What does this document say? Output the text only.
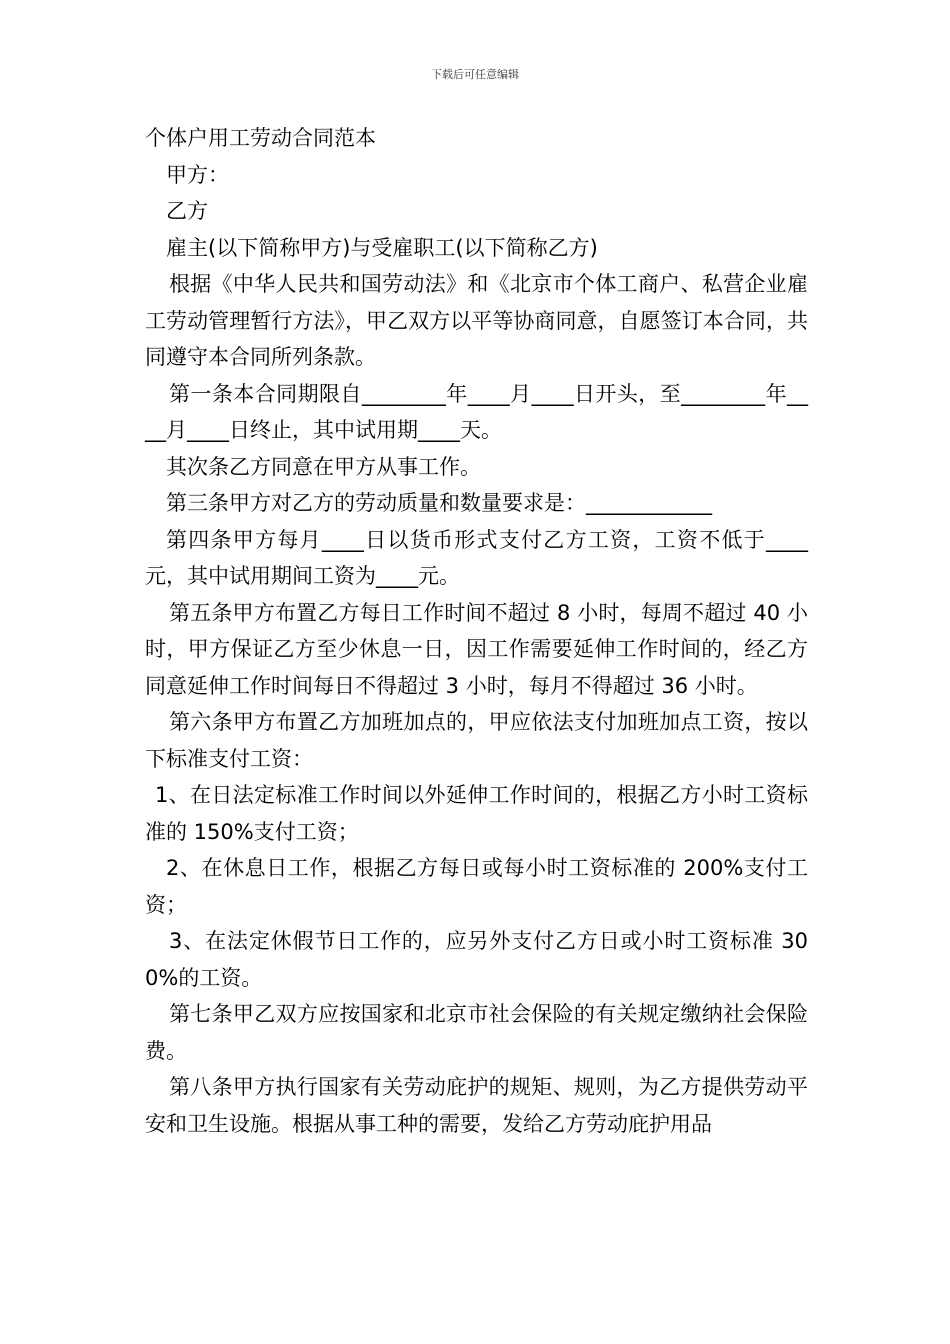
下载后可任意编辑

个体户用工劳动合同范本

甲方：

乙方

雇主(以下简称甲方)与受雇职工(以下简称乙方)

根据《中华人民共和国劳动法》和《北京市个体工商户、私营企业雇工劳动管理暂行方法》，甲乙双方以平等协商同意，自愿签订本合同，共同遵守本合同所列条款。

第一条本合同期限自________年____月____日开头，至________年____月____日终止，其中试用期____天。

其次条乙方同意在甲方从事工作。

第三条甲方对乙方的劳动质量和数量要求是：____________

第四条甲方每月____日以货币形式支付乙方工资，工资不低于____元，其中试用期间工资为____元。

第五条甲方布置乙方每日工作时间不超过 8 小时，每周不超过 40 小时，甲方保证乙方至少休息一日，因工作需要延伸工作时间的，经乙方同意延伸工作时间每日不得超过 3 小时，每月不得超过 36 小时。

第六条甲方布置乙方加班加点的，甲应依法支付加班加点工资，按以下标准支付工资：

1、在日法定标准工作时间以外延伸工作时间的，根据乙方小时工资标准的 150%支付工资；

2、在休息日工作，根据乙方每日或每小时工资标准的 200%支付工资；

3、在法定休假节日工作的，应另外支付乙方日或小时工资标准 300%的工资。

第七条甲乙双方应按国家和北京市社会保险的有关规定缴纳社会保险费。

第八条甲方执行国家有关劳动庇护的规矩、规则，为乙方提供劳动平安和卫生设施。根据从事工种的需要，发给乙方劳动庇护用品
